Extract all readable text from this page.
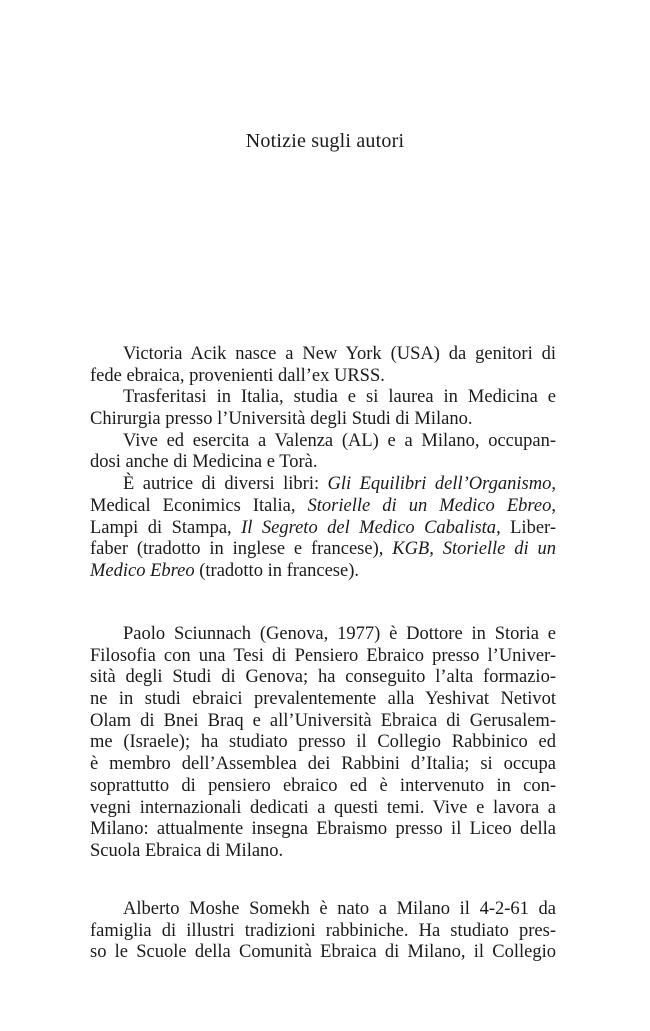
Notizie sugli autori
Victoria Acik nasce a New York (USA) da genitori di
fede ebraica, provenienti dall’ex URSS.
Trasferitasi in Italia, studia e si laurea in Medicina e
Chirurgia presso l’Università degli Studi di Milano.
Vive ed esercita a Valenza (AL) e a Milano, occupan-
dosi anche di Medicina e Torà.
È autrice di diversi libri: Gli Equilibri dell’Organismo,
Medical Econimics Italia, Storielle di un Medico Ebreo,
Lampi di Stampa, Il Segreto del Medico Cabalista, Liber-
faber (tradotto in inglese e francese), KGB, Storielle di un
Medico Ebreo (tradotto in francese).
Paolo Sciunnach (Genova, 1977) è Dottore in Storia e
Filosofia con una Tesi di Pensiero Ebraico presso l’Univer-
sità degli Studi di Genova; ha conseguito l’alta formazio-
ne in studi ebraici prevalentemente alla Yeshivat Netivot
Olam di Bnei Braq e all’Università Ebraica di Gerusalem-
me (Israele); ha studiato presso il Collegio Rabbinico ed
è membro dell’Assemblea dei Rabbini d’Italia; si occupa
soprattutto di pensiero ebraico ed è intervenuto in con-
vegni internazionali dedicati a questi temi. Vive e lavora a
Milano: attualmente insegna Ebraismo presso il Liceo della
Scuola Ebraica di Milano.
Alberto Moshe Somekh è nato a Milano il 4-2-61 da
famiglia di illustri tradizioni rabbiniche. Ha studiato pres-
so le Scuole della Comunità Ebraica di Milano, il Collegio
